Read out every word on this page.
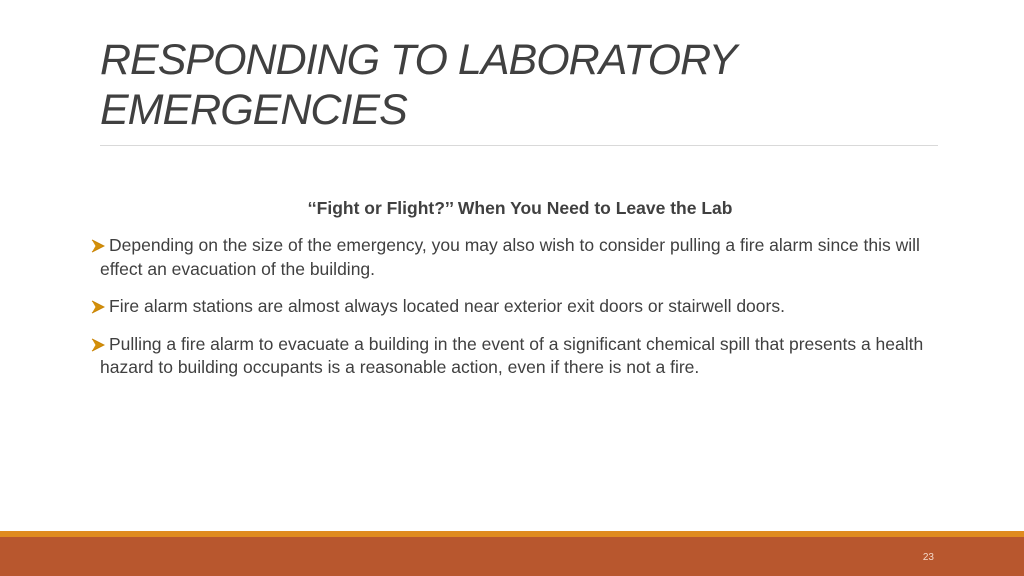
RESPONDING TO LABORATORY EMERGENCIES

‘‘Fight or Flight?’’ When You Need to Leave the Lab

Depending on the size of the emergency, you may also wish to consider pulling a fire alarm since this will effect an evacuation of the building.
Fire alarm stations are almost always located near exterior exit doors or stairwell doors.
Pulling a fire alarm to evacuate a building in the event of a significant chemical spill that presents a health hazard to building occupants is a reasonable action, even if there is not a fire.
23
